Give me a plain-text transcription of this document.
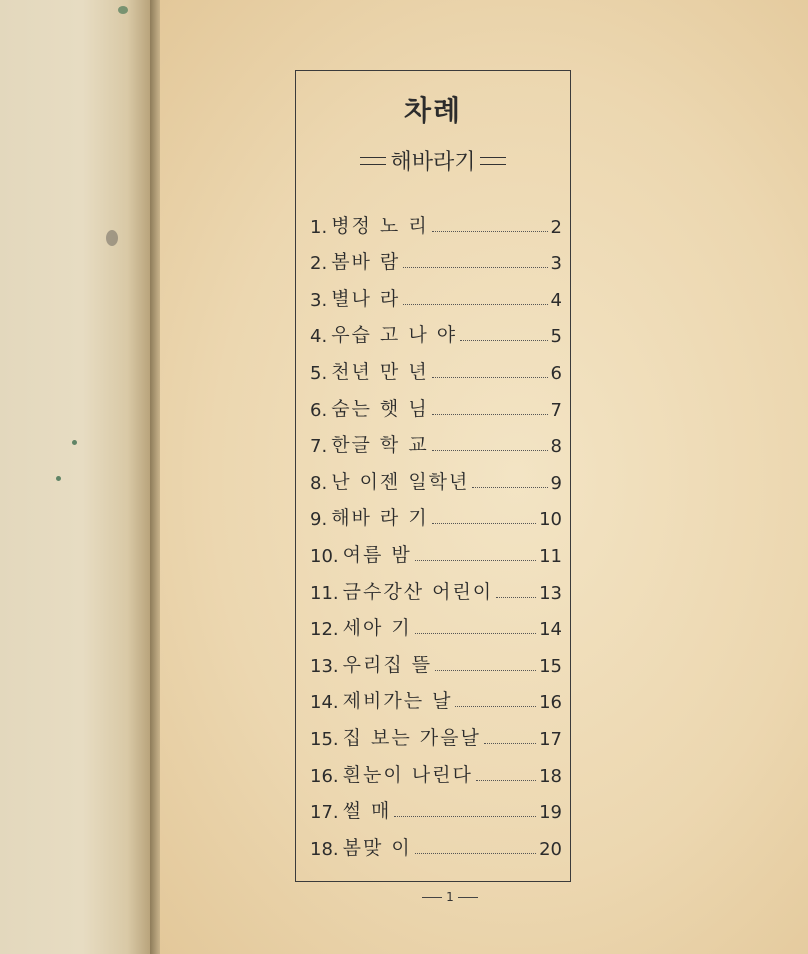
차례
해바라기
1. 병정 노 리	2
2. 봄바 람	3
3. 별나 라	4
4. 우습 고 나 야	5
5. 천년 만 년	6
6. 숨는 햇 님	7
7. 한글 학 교	8
8. 난 이젠 일학년	9
9. 해바 라 기	10
10. 여름 밤	11
11. 금수강산 어린이	13
12. 세아 기	14
13. 우리집 뜰	15
14. 제비가는 날	16
15. 집 보는 가을날	17
16. 흰눈이 나린다	18
17. 썰 매	19
18. 봄맞 이	20
1
